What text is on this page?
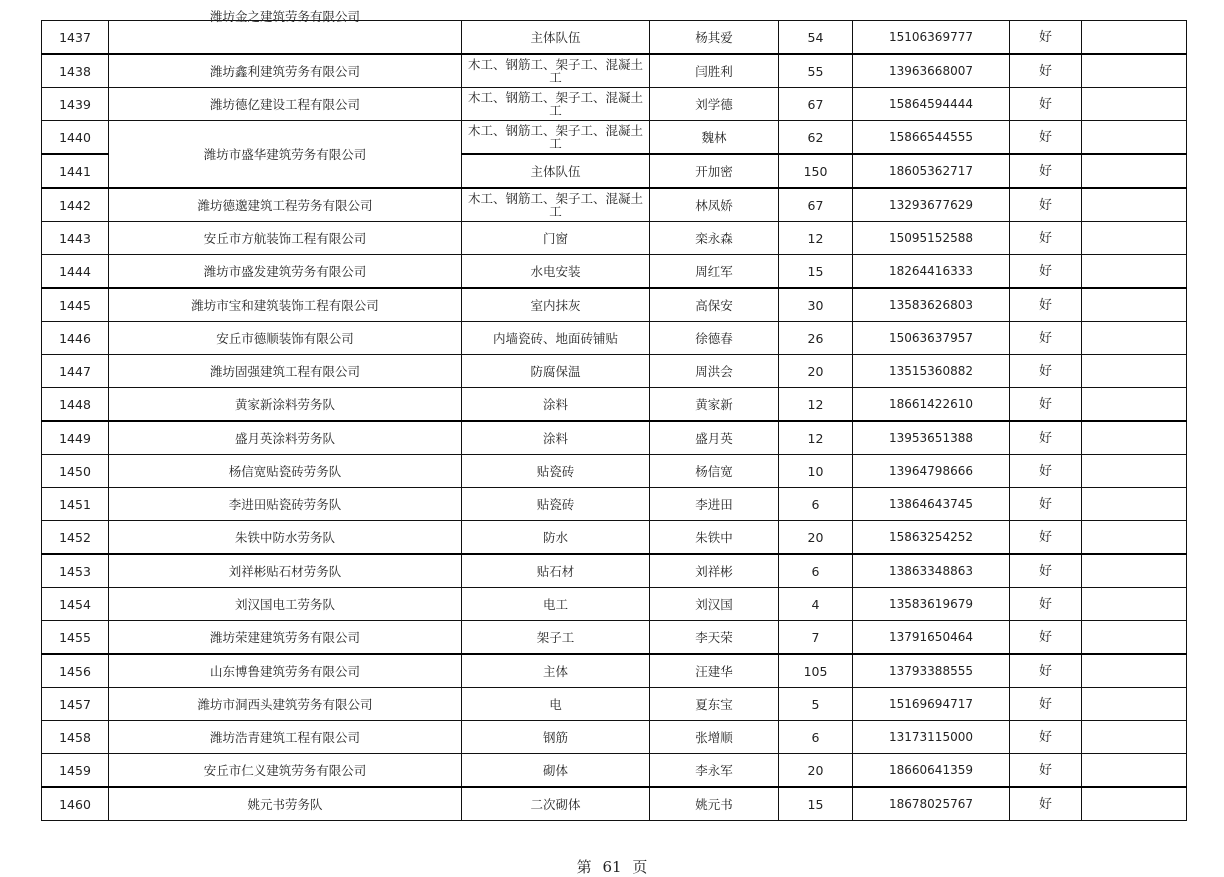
1437	潍坊金之建筑劳务有限公司	主体队伍	杨其爱	54	15106369777	好	
1438	潍坊鑫利建筑劳务有限公司	木工、钢筋工、架子工、混凝土工	闫胜利	55	13963668007	好	
1439	潍坊德亿建设工程有限公司	木工、钢筋工、架子工、混凝土工	刘学德	67	15864594444	好	
1440	潍坊市盛华建筑劳务有限公司	木工、钢筋工、架子工、混凝土工	魏林	62	15866544555	好	
1441		主体队伍	开加密	150	18605362717	好	
1442	潍坊德邈建筑工程劳务有限公司	木工、钢筋工、架子工、混凝土工	林凤娇	67	13293677629	好	
1443	安丘市方航装饰工程有限公司	门窗	栾永森	12	15095152588	好	
1444	潍坊市盛发建筑劳务有限公司	水电安装	周红军	15	18264416333	好	
1445	潍坊市宝和建筑装饰工程有限公司	室内抹灰	高保安	30	13583626803	好	
1446	安丘市德顺装饰有限公司	内墙瓷砖、地面砖铺贴	徐德春	26	15063637957	好	
1447	潍坊固强建筑工程有限公司	防腐保温	周洪会	20	13515360882	好	
1448	黄家新涂料劳务队	涂料	黄家新	12	18661422610	好	
1449	盛月英涂料劳务队	涂料	盛月英	12	13953651388	好	
1450	杨信宽贴瓷砖劳务队	贴瓷砖	杨信宽	10	13964798666	好	
1451	李进田贴瓷砖劳务队	贴瓷砖	李进田	6	13864643745	好	
1452	朱铁中防水劳务队	防水	朱铁中	20	15863254252	好	
1453	刘祥彬贴石材劳务队	贴石材	刘祥彬	6	13863348863	好	
1454	刘汉国电工劳务队	电工	刘汉国	4	13583619679	好	
1455	潍坊荣建建筑劳务有限公司	架子工	李天荣	7	13791650464	好	
1456	山东博鲁建筑劳务有限公司	主体	汪建华	105	13793388555	好	
1457	潍坊市洞西头建筑劳务有限公司	电	夏东宝	5	15169694717	好	
1458	潍坊浩青建筑工程有限公司	钢筋	张增顺	6	13173115000	好	
1459	安丘市仁义建筑劳务有限公司	砌体	李永军	20	18660641359	好	
1460	姚元书劳务队	二次砌体	姚元书	15	18678025767	好	
第 61 页
